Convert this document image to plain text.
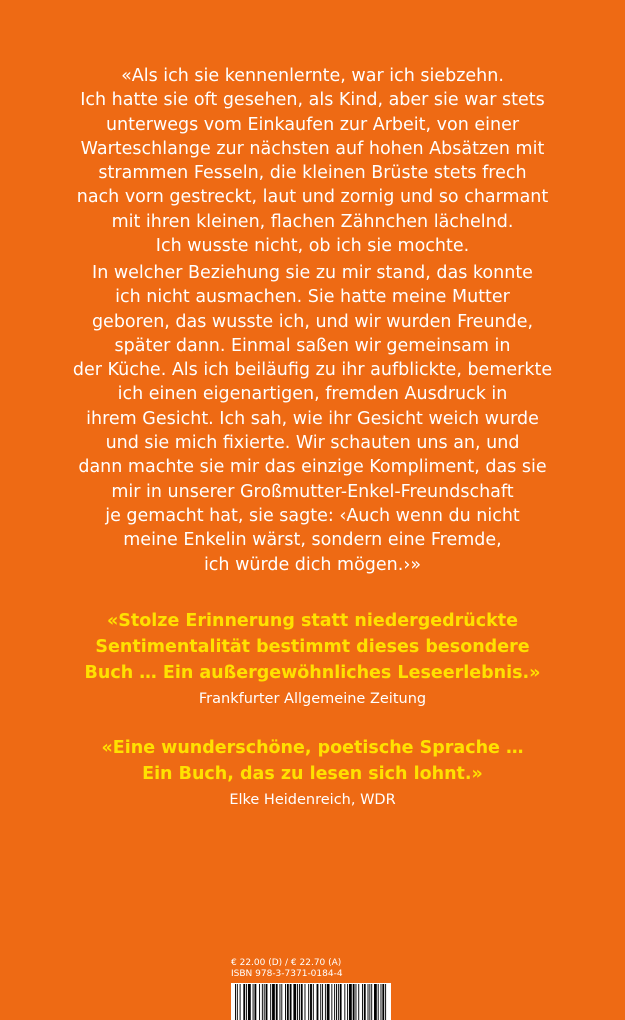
«Als ich sie kennenlernte, war ich siebzehn.
Ich hatte sie oft gesehen, als Kind, aber sie war stets
unterwegs vom Einkaufen zur Arbeit, von einer
Warteschlange zur nächsten auf hohen Absätzen mit
strammen Fesseln, die kleinen Brüste stets frech
nach vorn gestreckt, laut und zornig und so charmant
mit ihren kleinen, flachen Zähnchen lächelnd.
Ich wusste nicht, ob ich sie mochte.
In welcher Beziehung sie zu mir stand, das konnte
ich nicht ausmachen. Sie hatte meine Mutter
geboren, das wusste ich, und wir wurden Freunde,
später dann. Einmal saßen wir gemeinsam in
der Küche. Als ich beiläufig zu ihr aufblickte, bemerkte
ich einen eigenartigen, fremden Ausdruck in
ihrem Gesicht. Ich sah, wie ihr Gesicht weich wurde
und sie mich fixierte. Wir schauten uns an, und
dann machte sie mir das einzige Kompliment, das sie
mir in unserer Großmutter-Enkel-Freundschaft
je gemacht hat, sie sagte: ‹Auch wenn du nicht
meine Enkelin wärst, sondern eine Fremde,
ich würde dich mögen.›»
«Stolze Erinnerung statt niedergedrückte
Sentimentalität bestimmt dieses besondere
Buch … Ein außergewöhnliches Leseerlebnis.»
Frankfurter Allgemeine Zeitung
«Eine wunderschöne, poetische Sprache …
Ein Buch, das zu lesen sich lohnt.»
Elke Heidenreich, WDR
€ 22.00 (D) / € 22.70 (A)
ISBN 978-3-7371-0184-4
